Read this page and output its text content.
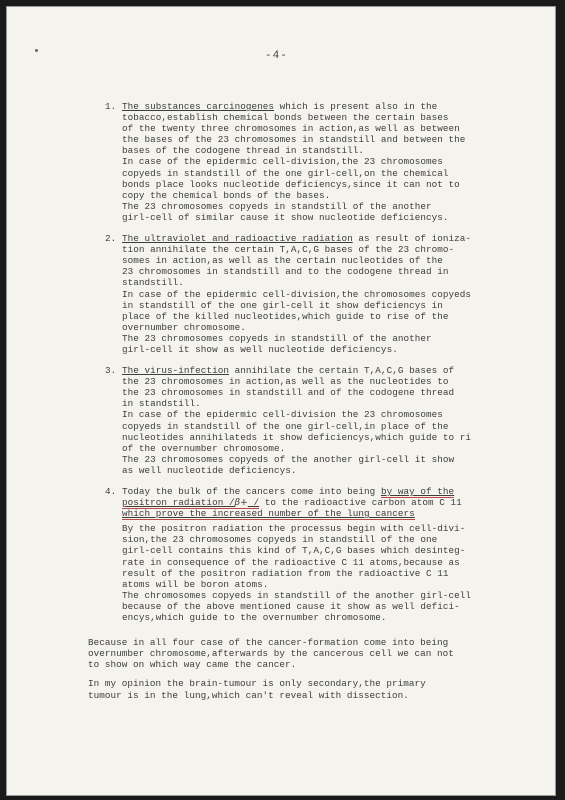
-4-
1. The substances carcinogenes which is present also in the
tobacco,establish chemical bonds between the certain bases
of the twenty three chromosomes in action,as well as between
the bases of the 23 chromosomes in standstill and between the
bases of the codogene thread in standstill.
In case of the epidermic cell-division,the 23 chromosomes
copyeds in standstill of the one girl-cell,on the chemical
bonds place looks nucleotide deficiencys,since it can not to
copy the chemical bonds of the bases.
The 23 chromosomes copyeds in standstill of the another
girl-cell of similar cause it show nucleotide deficiencys.
2. The ultraviolet and radioactive radiation as result of ioniza-
tion annihilate the certain T,A,C,G bases of the 23 chromo-
somes in action,as well as the certain nucleotides of the
23 chromosomes in standstill and to the codogene thread in
standstill.
In case of the epidermic cell-division,the chromosomes copyeds
in standstill of the one girl-cell it show deficiencys in
place of the killed nucleotides,which guide to rise of the
overnumber chromosome.
The 23 chromosomes copyeds in standstill of the another
girl-cell it show as well nucleotide deficiencys.
3. The virus-infection annihilate the certain T,A,C,G bases of
the 23 chromosomes in action,as well as the nucleotides to
the 23 chromosomes in standstill and of the codogene thread
in standstill.
In case of the epidermic cell-division the 23 chromosomes
copyeds in standstill of the one girl-cell,in place of the
nucleotides annihilateds it show deficiencys,which guide to ri
of the overnumber chromosome.
The 23 chromosomes copyeds of the another girl-cell it show
as well nucleotide deficiencys.
4. Today the bulk of the cancers come into being by way of the
positron radiation /β+ / to the radioactive carbon atom C 11
which prove the increased number of the lung cancers
By the positron radiation the processus begin with cell-divi-
sion,the 23 chromosomes copyeds in standstill of the one
girl-cell contains this kind of T,A,C,G bases which desinteg-
rate in consequence of the radioactive C 11 atoms,because as
result of the positron radiation from the radioactive C 11
atoms will be boron atoms.
The chromosomes copyeds in standstill of the another girl-cell
because of the above mentioned cause it show as well defici-
encys,which guide to the overnumber chromosome.
Because in all four case of the cancer-formation come into being
overnumber chromosome,afterwards by the cancerous cell we can not
to show on which way came the cancer.
In my opinion the brain-tumour is only secondary,the primary
tumour is in the lung,which can't reveal with dissection.
